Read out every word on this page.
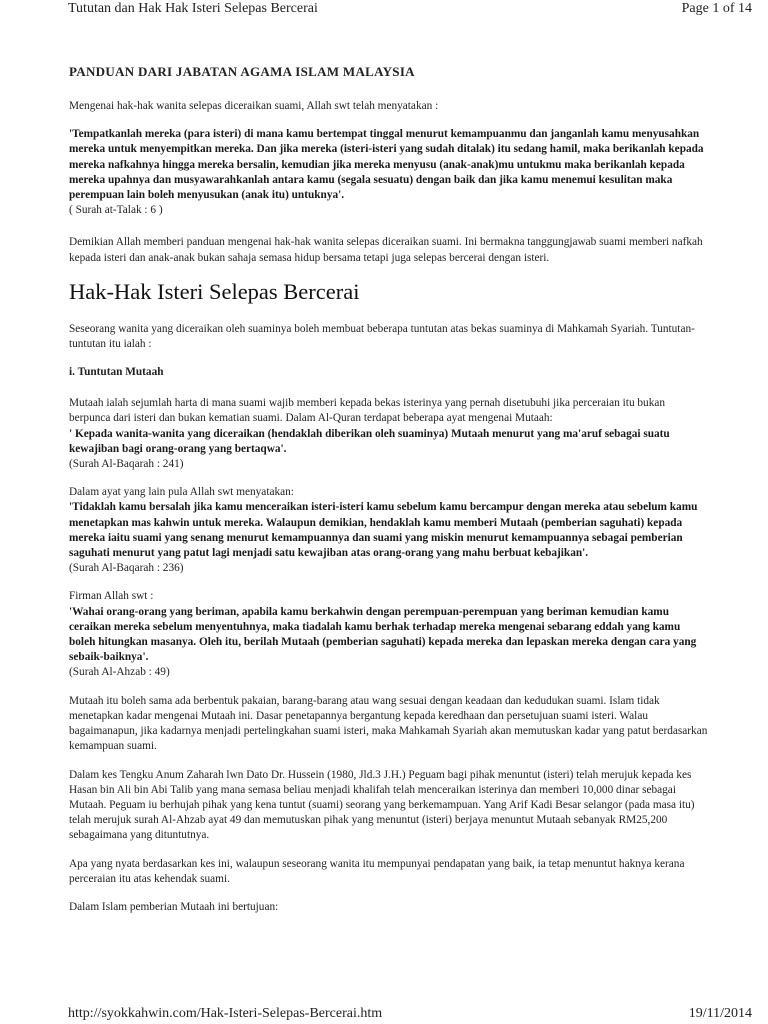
Tututan dan Hak Hak Isteri Selepas Bercerai	Page 1 of 14
PANDUAN DARI JABATAN AGAMA ISLAM MALAYSIA

Mengenai hak-hak wanita selepas diceraikan suami, Allah swt telah menyatakan :

'Tempatkanlah mereka (para isteri) di mana kamu bertempat tinggal menurut kemampuanmu dan janganlah kamu menyusahkan mereka untuk menyempitkan mereka. Dan jika mereka (isteri-isteri yang sudah ditalak) itu sedang hamil, maka berikanlah kepada mereka nafkahnya hingga mereka bersalin, kemudian jika mereka menyusu (anak-anak)mu untukmu maka berikanlah kepada mereka upahnya dan musyawarahkanlah antara kamu (segala sesuatu) dengan baik dan jika kamu menemui kesulitan maka perempuan lain boleh menyusukan (anak itu) untuknya'.
( Surah at-Talak : 6 )

Demikian Allah memberi panduan mengenai hak-hak wanita selepas diceraikan suami. Ini bermakna tanggungjawab suami memberi nafkah kepada isteri dan anak-anak bukan sahaja semasa hidup bersama tetapi juga selepas bercerai dengan isteri.

Hak-Hak Isteri Selepas Bercerai

Seseorang wanita yang diceraikan oleh suaminya boleh membuat beberapa tuntutan atas bekas suaminya di Mahkamah Syariah. Tuntutan-tuntutan itu ialah :

i. Tuntutan Mutaah

Mutaah ialah sejumlah harta di mana suami wajib memberi kepada bekas isterinya yang pernah disetubuhi jika perceraian itu bukan berpunca dari isteri dan bukan kematian suami. Dalam Al-Quran terdapat beberapa ayat mengenai Mutaah:
' Kepada wanita-wanita yang diceraikan (hendaklah diberikan oleh suaminya) Mutaah menurut yang ma'aruf sebagai suatu kewajiban bagi orang-orang yang bertaqwa'.
(Surah Al-Baqarah : 241)

Dalam ayat yang lain pula Allah swt menyatakan:
'Tidaklah kamu bersalah jika kamu menceraikan isteri-isteri kamu sebelum kamu bercampur dengan mereka atau sebelum kamu menetapkan mas kahwin untuk mereka. Walaupun demikian, hendaklah kamu memberi Mutaah (pemberian saguhati) kepada mereka iaitu suami yang senang menurut kemampuannya dan suami yang miskin menurut kemampuannya sebagai pemberian saguhati menurut yang patut lagi menjadi satu kewajiban atas orang-orang yang mahu berbuat kebajikan'.
(Surah Al-Baqarah : 236)

Firman Allah swt :
'Wahai orang-orang yang beriman, apabila kamu berkahwin dengan perempuan-perempuan yang beriman kemudian kamu ceraikan mereka sebelum menyentuhnya, maka tiadalah kamu berhak terhadap mereka mengenai sebarang eddah yang kamu boleh hitungkan masanya. Oleh itu, berilah Mutaah (pemberian saguhati) kepada mereka dan lepaskan mereka dengan cara yang sebaik-baiknya'.
(Surah Al-Ahzab : 49)

Mutaah itu boleh sama ada berbentuk pakaian, barang-barang atau wang sesuai dengan keadaan dan kedudukan suami. Islam tidak menetapkan kadar mengenai Mutaah ini. Dasar penetapannya bergantung kepada keredhaan dan persetujuan suami isteri. Walau bagaimanapun, jika kadarnya menjadi pertelingkahan suami isteri, maka Mahkamah Syariah akan memutuskan kadar yang patut berdasarkan kemampuan suami.

Dalam kes Tengku Anum Zaharah lwn Dato Dr. Hussein (1980, Jld.3 J.H.) Peguam bagi pihak menuntut (isteri) telah merujuk kepada kes Hasan bin Ali bin Abi Talib yang mana semasa beliau menjadi khalifah telah menceraikan isterinya dan memberi 10,000 dinar sebagai Mutaah. Peguam iu berhujah pihak yang kena tuntut (suami) seorang yang berkemampuan. Yang Arif Kadi Besar selangor (pada masa itu) telah merujuk surah Al-Ahzab ayat 49 dan memutuskan pihak yang menuntut (isteri) berjaya menuntut Mutaah sebanyak RM25,200 sebagaimana yang dituntutnya.

Apa yang nyata berdasarkan kes ini, walaupun seseorang wanita itu mempunyai pendapatan yang baik, ia tetap menuntut haknya kerana perceraian itu atas kehendak suami.

Dalam Islam pemberian Mutaah ini bertujuan:

http://syokkahwin.com/Hak-Isteri-Selepas-Bercerai.htm	19/11/2014
